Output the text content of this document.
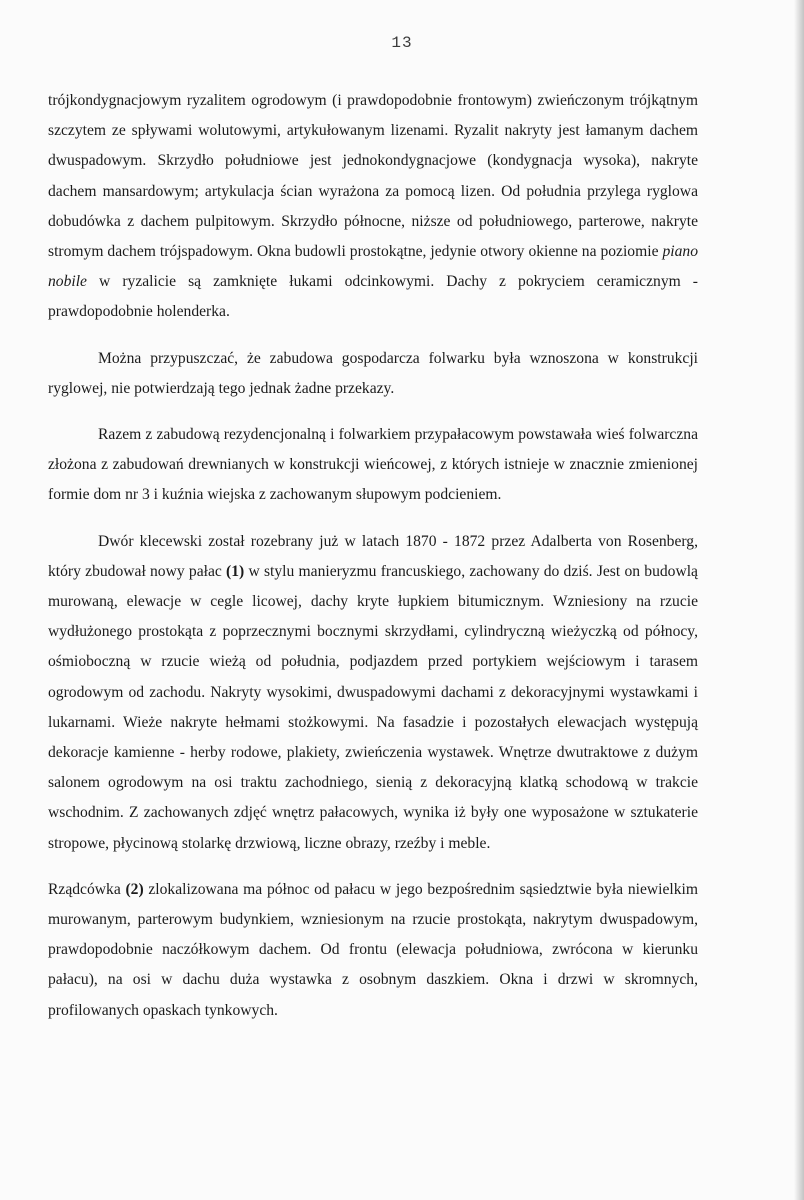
13

trójkondygnacjowym ryzalitem ogrodowym (i prawdopodobnie frontowym) zwieńczonym trójkątnym szczytem ze spływami wolutowymi, artykułowanym lizenami. Ryzalit nakryty jest łamanym dachem dwuspadowym. Skrzydło południowe jest jednokondygnacjowe (kondygnacja wysoka), nakryte dachem mansardowym; artykulacja ścian wyrażona za pomocą lizen. Od południa przylega ryglowa dobudówka z dachem pulpitowym. Skrzydło północne, niższe od południowego, parterowe, nakryte stromym dachem trójspadowym. Okna budowli prostokątne, jedynie otwory okienne na poziomie piano nobile w ryzalicie są zamknięte łukami odcinkowymi. Dachy z pokryciem ceramicznym - prawdopodobnie holenderka.

Można przypuszczać, że zabudowa gospodarcza folwarku była wznoszona w konstrukcji ryglowej, nie potwierdzają tego jednak żadne przekazy.

Razem z zabudową rezydencjonalną i folwarkiem przypałacowym powstawała wieś folwarczna złożona z zabudowań drewnianych w konstrukcji wieńcowej, z których istnieje w znacznie zmienionej formie dom nr 3 i kuźnia wiejska z zachowanym słupowym podcieniem.

Dwór klecewski został rozebrany już w latach 1870 - 1872 przez Adalberta von Rosenberg, który zbudował nowy pałac (1) w stylu manieryzmu francuskiego, zachowany do dziś. Jest on budowlą murowaną, elewacje w cegle licowej, dachy kryte łupkiem bitumicznym. Wzniesiony na rzucie wydłużonego prostokąta z poprzecznymi bocznymi skrzydłami, cylindryczną wieżyczką od północy, ośmioboczną w rzucie wieżą od południa, podjazdem przed portykiem wejściowym i tarasem ogrodowym od zachodu. Nakryty wysokimi, dwuspadowymi dachami z dekoracyjnymi wystawkami i lukarnami. Wieże nakryte hełmami stożkowymi. Na fasadzie i pozostałych elewacjach występują dekoracje kamienne - herby rodowe, plakiety, zwieńczenia wystawek. Wnętrze dwutraktowe z dużym salonem ogrodowym na osi traktu zachodniego, sienią z dekoracyjną klatką schodową w trakcie wschodnim. Z zachowanych zdjęć wnętrz pałacowych, wynika iż były one wyposażone w sztukaterie stropowe, płycinową stolarkę drzwiową, liczne obrazy, rzeźby i meble.

Rządcówka (2) zlokalizowana ma północ od pałacu w jego bezpośrednim sąsiedztwie była niewielkim murowanym, parterowym budynkiem, wzniesionym na rzucie prostokąta, nakrytym dwuspadowym, prawdopodobnie naczółkowym dachem. Od frontu (elewacja południowa, zwrócona w kierunku pałacu), na osi w dachu duża wystawka z osobnym daszkiem. Okna i drzwi w skromnych, profilowanych opaskach tynkowych.
